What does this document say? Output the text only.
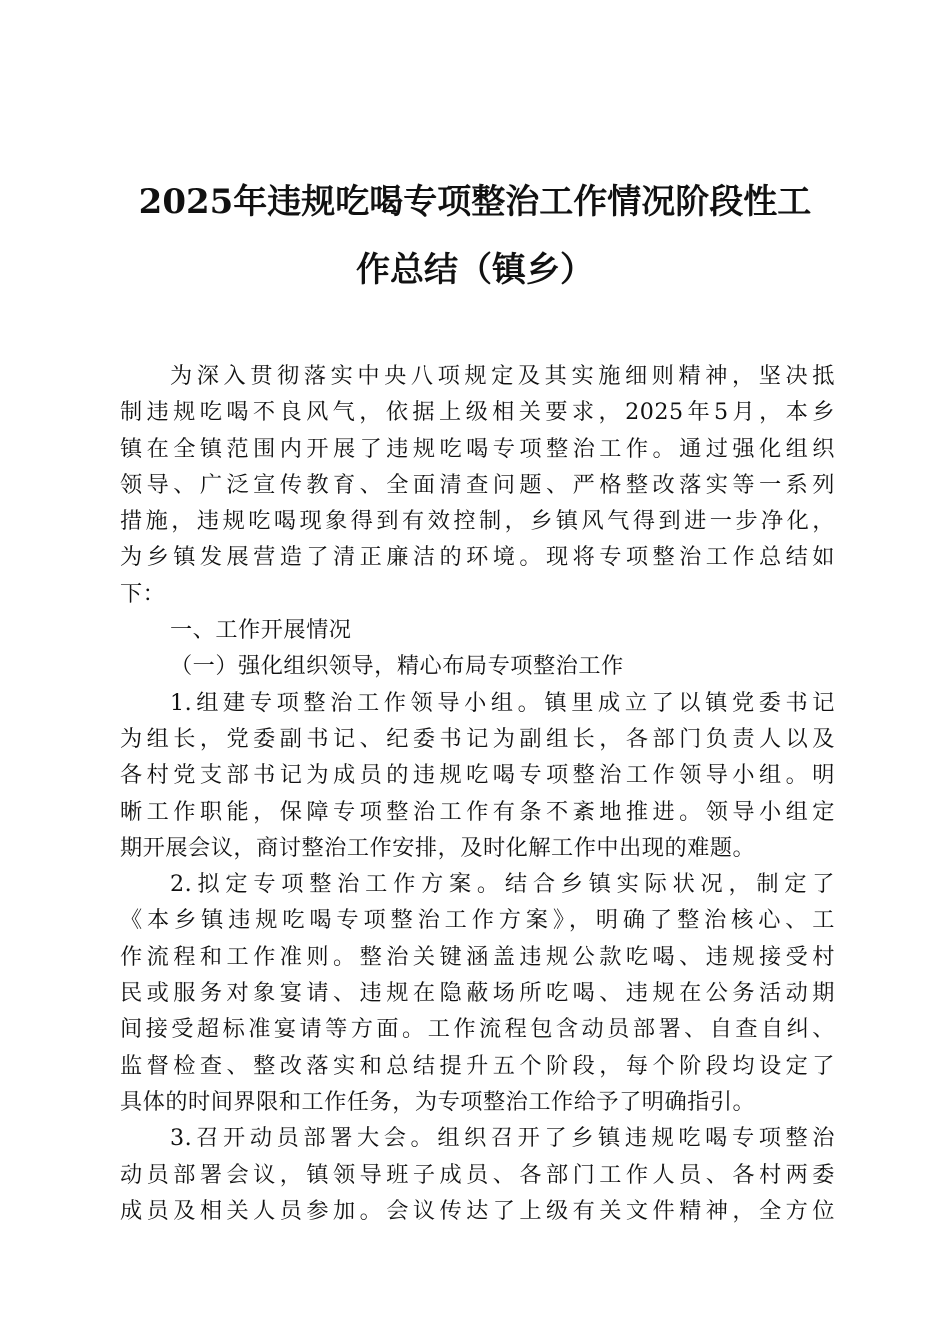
2025年违规吃喝专项整治工作情况阶段性工
作总结（镇乡）
为深入贯彻落实中央八项规定及其实施细则精神，坚决抵
制违规吃喝不良风气，依据上级相关要求，2025年5月，本乡
镇在全镇范围内开展了违规吃喝专项整治工作。通过强化组织
领导、广泛宣传教育、全面清查问题、严格整改落实等一系列
措施，违规吃喝现象得到有效控制，乡镇风气得到进一步净化，
为乡镇发展营造了清正廉洁的环境。现将专项整治工作总结如
下：
一、工作开展情况
（一）强化组织领导，精心布局专项整治工作
1.组建专项整治工作领导小组。镇里成立了以镇党委书记
为组长，党委副书记、纪委书记为副组长，各部门负责人以及
各村党支部书记为成员的违规吃喝专项整治工作领导小组。明
晰工作职能，保障专项整治工作有条不紊地推进。领导小组定
期开展会议，商讨整治工作安排，及时化解工作中出现的难题。
2.拟定专项整治工作方案。结合乡镇实际状况，制定了
《本乡镇违规吃喝专项整治工作方案》，明确了整治核心、工
作流程和工作准则。整治关键涵盖违规公款吃喝、违规接受村
民或服务对象宴请、违规在隐蔽场所吃喝、违规在公务活动期
间接受超标准宴请等方面。工作流程包含动员部署、自查自纠、
监督检查、整改落实和总结提升五个阶段，每个阶段均设定了
具体的时间界限和工作任务，为专项整治工作给予了明确指引。
3.召开动员部署大会。组织召开了乡镇违规吃喝专项整治
动员部署会议，镇领导班子成员、各部门工作人员、各村两委
成员及相关人员参加。会议传达了上级有关文件精神，全方位
